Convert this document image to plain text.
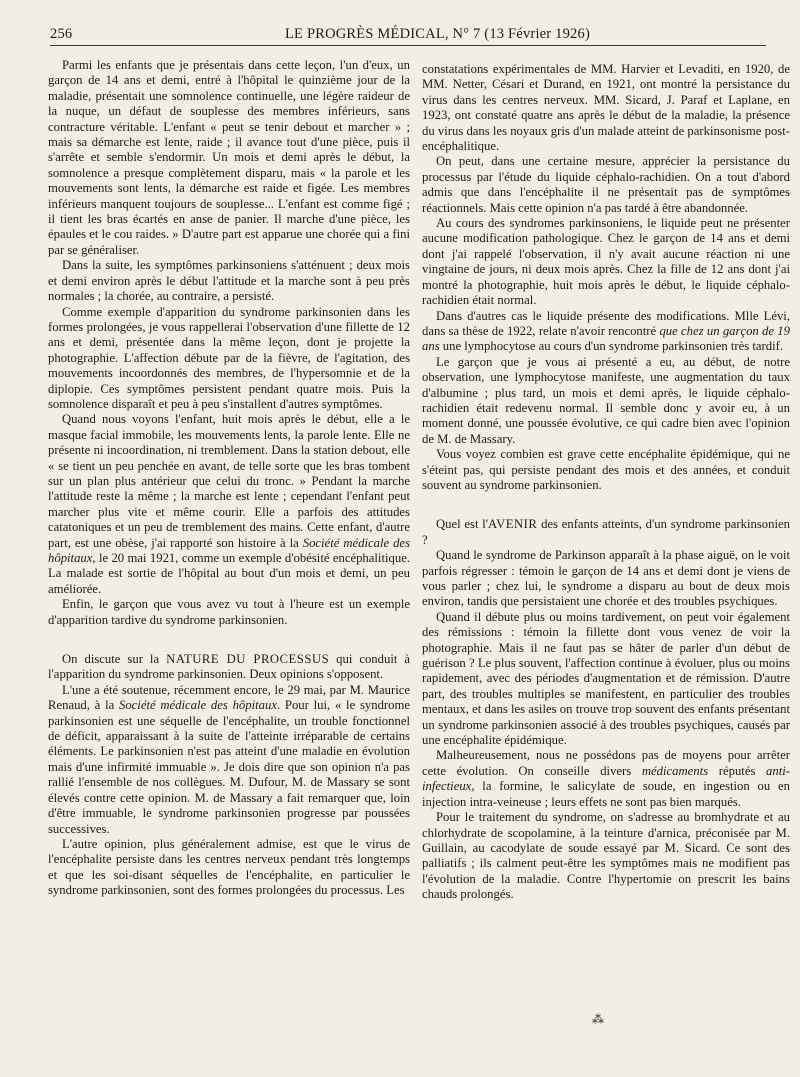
256	LE PROGRÈS MÉDICAL, N° 7 (13 Février 1926)

Parmi les enfants que je présentais dans cette leçon, l'un d'eux, un garçon de 14 ans et demi, entré à l'hôpital le quinzième jour de la maladie, présentait une somnolence continuelle, une légère raideur de la nuque, un défaut de souplesse des membres inférieurs, sans contracture véritable. L'enfant « peut se tenir debout et marcher » ; mais sa démarche est lente, raide ; il avance tout d'une pièce, puis il s'arrête et semble s'endormir. Un mois et demi après le début, la somnolence a presque complètement disparu, mais « la parole et les mouvements sont lents, la démarche est raide et figée. Les membres inférieurs manquent toujours de souplesse... L'enfant est comme figé ; il tient les bras écartés en anse de panier. Il marche d'une pièce, les épaules et le cou raides. » D'autre part est apparue une chorée qui a fini par se généraliser.

Dans la suite, les symptômes parkinsoniens s'atténuent ; deux mois et demi environ après le début l'attitude et la marche sont à peu près normales ; la chorée, au contraire, a persisté.

Comme exemple d'apparition du syndrome parkinsonien dans les formes prolongées, je vous rappellerai l'observation d'une fillette de 12 ans et demi, présentée dans la même leçon, dont je projette la photographie. L'affection débute par de la fièvre, de l'agitation, des mouvements incoordonnés des membres, de l'hypersomnie et de la diplopie. Ces symptômes persistent pendant quatre mois. Puis la somnolence disparaît et peu à peu s'installent d'autres symptômes.

Quand nous voyons l'enfant, huit mois après le début, elle a le masque facial immobile, les mouvements lents, la parole lente. Elle ne présente ni incoordination, ni tremblement. Dans la station debout, elle « se tient un peu penchée en avant, de telle sorte que les bras tombent sur un plan plus antérieur que celui du tronc. » Pendant la marche l'attitude reste la même ; la marche est lente ; cependant l'enfant peut marcher plus vite et même courir. Elle a parfois des attitudes catatoniques et un peu de tremblement des mains. Cette enfant, d'autre part, est une obèse, j'ai rapporté son histoire à la Société médicale des hôpitaux, le 20 mai 1921, comme un exemple d'obésité encéphalitique. La malade est sortie de l'hôpital au bout d'un mois et demi, un peu améliorée.

Enfin, le garçon que vous avez vu tout à l'heure est un exemple d'apparition tardive du syndrome parkinsonien.

On discute sur la NATURE DU PROCESSUS qui conduit à l'apparition du syndrome parkinsonien. Deux opinions s'opposent.

L'une a été soutenue, récemment encore, le 29 mai, par M. Maurice Renaud, à la Société médicale des hôpitaux. Pour lui, « le syndrome parkinsonien est une séquelle de l'encéphalite, un trouble fonctionnel de déficit, apparaissant à la suite de l'atteinte irréparable de certains éléments. Le parkinsonien n'est pas atteint d'une maladie en évolution mais d'une infirmité immuable ». Je dois dire que son opinion n'a pas rallié l'ensemble de nos collègues. M. Dufour, M. de Massary se sont élevés contre cette opinion. M. de Massary a fait remarquer que, loin d'être immuable, le syndrome parkinsonien progresse par poussées successives.

L'autre opinion, plus généralement admise, est que le virus de l'encéphalite persiste dans les centres nerveux pendant très longtemps et que les soi-disant séquelles de l'encéphalite, en particulier le syndrome parkinsonien, sont des formes prolongées du processus. Les

constatations expérimentales de MM. Harvier et Levaditi, en 1920, de MM. Netter, Césari et Durand, en 1921, ont montré la persistance du virus dans les centres nerveux. MM. Sicard, J. Paraf et Laplane, en 1923, ont constaté quatre ans après le début de la maladie, la présence du virus dans les noyaux gris d'un malade atteint de parkinsonisme post-encéphalitique.

On peut, dans une certaine mesure, apprécier la persistance du processus par l'étude du liquide céphalo-rachidien. On a tout d'abord admis que dans l'encéphalite il ne présentait pas de symptômes réactionnels. Mais cette opinion n'a pas tardé à être abandonnée.

Au cours des syndromes parkinsoniens, le liquide peut ne présenter aucune modification pathologique. Chez le garçon de 14 ans et demi dont j'ai rappelé l'observation, il n'y avait aucune réaction ni une vingtaine de jours, ni deux mois après. Chez la fille de 12 ans dont j'ai montré la photographie, huit mois après le début, le liquide céphalo-rachidien était normal.

Dans d'autres cas le liquide présente des modifications. Mlle Lévi, dans sa thèse de 1922, relate n'avoir rencontré que chez un garçon de 19 ans une lymphocytose au cours d'un syndrome parkinsonien très tardif.

Le garçon que je vous ai présenté a eu, au début, de notre observation, une lymphocytose manifeste, une augmentation du taux d'albumine ; plus tard, un mois et demi après, le liquide céphalo-rachidien était redevenu normal. Il semble donc y avoir eu, à un moment donné, une poussée évolutive, ce qui cadre bien avec l'opinion de M. de Massary.

Vous voyez combien est grave cette encéphalite épidémique, qui ne s'éteint pas, qui persiste pendant des mois et des années, et conduit souvent au syndrome parkinsonien.

Quel est l'AVENIR des enfants atteints, d'un syndrome parkinsonien ?

Quand le syndrome de Parkinson apparaît à la phase aiguë, on le voit parfois régresser : témoin le garçon de 14 ans et demi dont je viens de vous parler ; chez lui, le syndrome a disparu au bout de deux mois environ, tandis que persistaient une chorée et des troubles psychiques.

Quand il débute plus ou moins tardivement, on peut voir également des rémissions : témoin la fillette dont vous venez de voir la photographie. Mais il ne faut pas se hâter de parler d'un début de guérison ? Le plus souvent, l'affection continue à évoluer, plus ou moins rapidement, avec des périodes d'augmentation et de rémission. D'autre part, des troubles multiples se manifestent, en particulier des troubles mentaux, et dans les asiles on trouve trop souvent des enfants présentant un syndrome parkinsonien associé à des troubles psychiques, causés par une encéphalite épidémique.

Malheureusement, nous ne possédons pas de moyens pour arrêter cette évolution. On conseille divers médicaments réputés anti-infectieux, la formine, le salicylate de soude, en ingestion ou en injection intra-veineuse ; leurs effets ne sont pas bien marqués.

Pour le traitement du syndrome, on s'adresse au bromhydrate et au chlorhydrate de scopolamine, à la teinture d'arnica, préconisée par M. Guillain, au cacodylate de soude essayé par M. Sicard. Ce sont des palliatifs ; ils calment peut-être les symptômes mais ne modifient pas l'évolution de la maladie. Contre l'hypertomie on prescrit les bains chauds prolongés.

⁂
